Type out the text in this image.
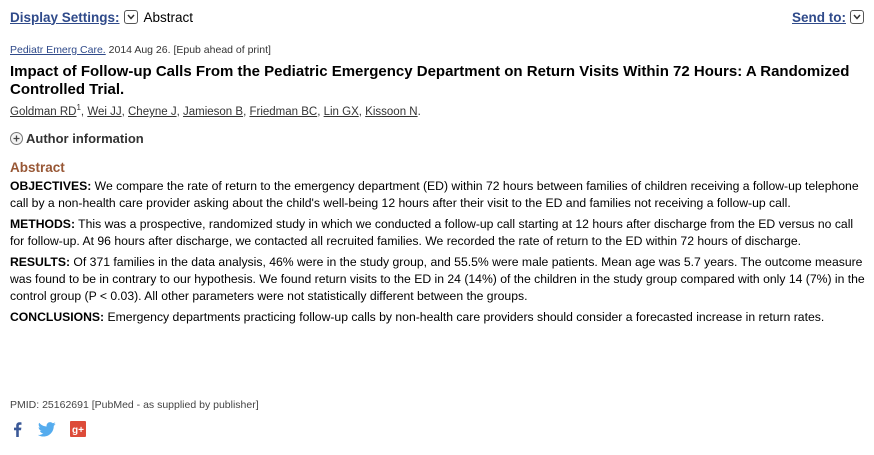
Display Settings: Abstract	Send to:
Pediatr Emerg Care. 2014 Aug 26. [Epub ahead of print]
Impact of Follow-up Calls From the Pediatric Emergency Department on Return Visits Within 72 Hours: A Randomized Controlled Trial.
Goldman $RD^1$, Wei JJ, Cheyne J, Jamieson B, Friedman BC, Lin GX, Kissoon N.
Author information
Abstract

OBJECTIVES: We compare the rate of return to the emergency department (ED) within 72 hours between families of children receiving a follow-up telephone call by a non-health care provider asking about the child's well-being 12 hours after their visit to the ED and families not receiving a follow-up call.

METHODS: This was a prospective, randomized study in which we conducted a follow-up call starting at 12 hours after discharge from the ED versus no call for follow-up. At 96 hours after discharge, we contacted all recruited families. We recorded the rate of return to the ED within 72 hours of discharge.

RESULTS: Of 371 families in the data analysis, 46% were in the study group, and 55.5% were male patients. Mean age was 5.7 years. The outcome measure was found to be in contrary to our hypothesis. We found return visits to the ED in 24 (14%) of the children in the study group compared with only 14 (7%) in the control group (P < 0.03). All other parameters were not statistically different between the groups.

CONCLUSIONS: Emergency departments practicing follow-up calls by non-health care providers should consider a forecasted increase in return rates.

PMID: 25162691 [PubMed - as supplied by publisher]
g+
